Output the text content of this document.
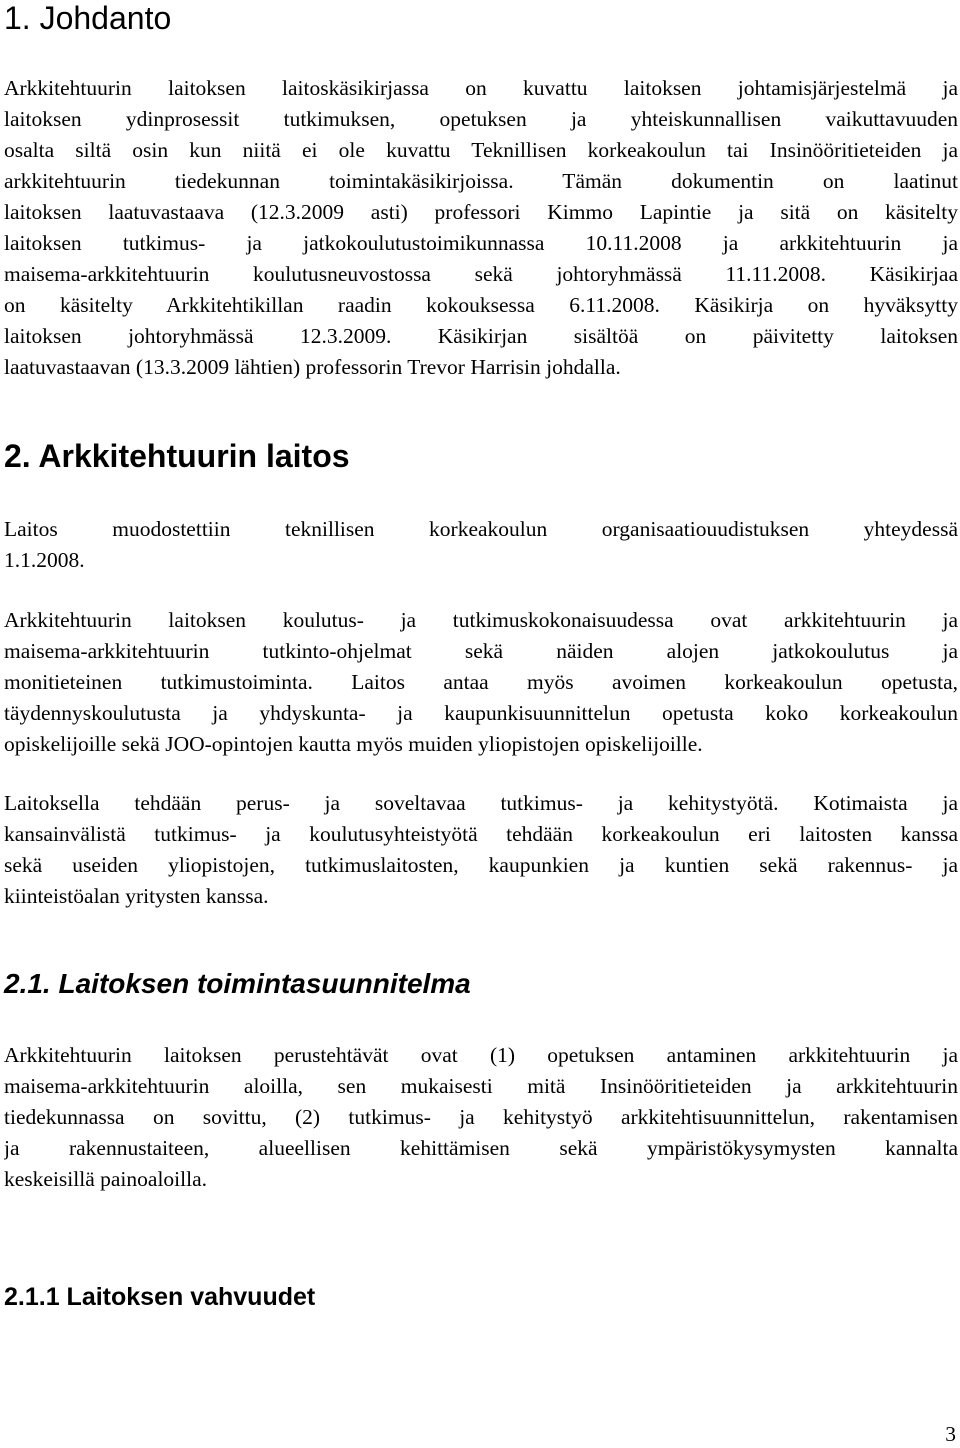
1. Johdanto
Arkkitehtuurin laitoksen laitoskäsikirjassa on kuvattu laitoksen johtamisjärjestelmä ja
laitoksen ydinprosessit tutkimuksen, opetuksen ja yhteiskunnallisen vaikuttavuuden
osalta siltä osin kun niitä ei ole kuvattu Teknillisen korkeakoulun tai Insinööritieteiden ja
arkkitehtuurin tiedekunnan toimintakäsikirjoissa. Tämän dokumentin on laatinut
laitoksen laatuvastaava (12.3.2009 asti) professori Kimmo Lapintie ja sitä on käsitelty
laitoksen tutkimus- ja jatkokoulutustoimikunnassa 10.11.2008 ja arkkitehtuurin ja
maisema-arkkitehtuurin koulutusneuvostossa sekä johtoryhmässä 11.11.2008. Käsikirjaa
on käsitelty Arkkitehtikillan raadin kokouksessa 6.11.2008. Käsikirja on hyväksytty
laitoksen johtoryhmässä 12.3.2009. Käsikirjan sisältöä on päivitetty laitoksen
laatuvastaavan (13.3.2009 lähtien) professorin Trevor Harrisin johdalla.
2. Arkkitehtuurin laitos
Laitos muodostettiin teknillisen korkeakoulun organisaatiouudistuksen yhteydessä
1.1.2008.
Arkkitehtuurin laitoksen koulutus- ja tutkimuskokonaisuudessa ovat arkkitehtuurin ja
maisema-arkkitehtuurin tutkinto-ohjelmat sekä näiden alojen jatkokoulutus ja
monitieteinen tutkimustoiminta. Laitos antaa myös avoimen korkeakoulun opetusta,
täydennyskoulutusta ja yhdyskunta- ja kaupunkisuunnittelun opetusta koko korkeakoulun
opiskelijoille sekä JOO-opintojen kautta myös muiden yliopistojen opiskelijoille.
Laitoksella tehdään perus- ja soveltavaa tutkimus- ja kehitystyötä. Kotimaista ja
kansainvälistä tutkimus- ja koulutusyhteistyötä tehdään korkeakoulun eri laitosten kanssa
sekä useiden yliopistojen, tutkimuslaitosten, kaupunkien ja kuntien sekä rakennus- ja
kiinteistöalan yritysten kanssa.
2.1. Laitoksen toimintasuunnitelma
Arkkitehtuurin laitoksen perustehtävät ovat (1) opetuksen antaminen arkkitehtuurin ja
maisema-arkkitehtuurin aloilla, sen mukaisesti mitä Insinööritieteiden ja arkkitehtuurin
tiedekunnassa on sovittu, (2) tutkimus- ja kehitystyö arkkitehtisuunnittelun, rakentamisen
ja rakennustaiteen, alueellisen kehittämisen sekä ympäristökysymysten kannalta
keskeisillä painoaloilla.
2.1.1 Laitoksen vahvuudet
3
